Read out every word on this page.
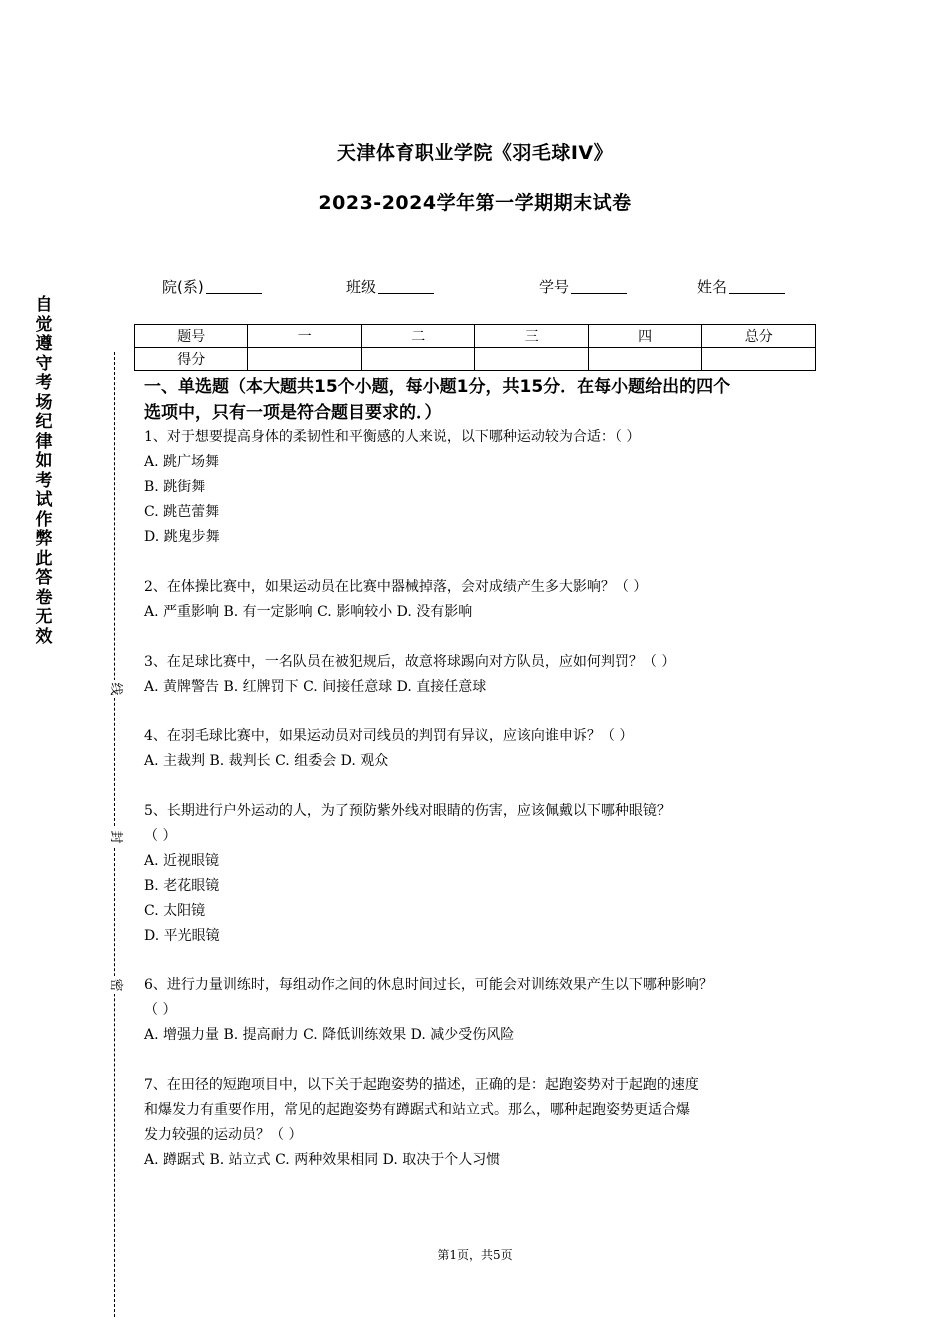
天津体育职业学院《羽毛球IV》
2023-2024学年第一学期期末试卷
院(系)	班级	学号	姓名
题号	一	二	三	四	总分
得分					
自觉遵守考场纪律如考试作弊此答卷无效
线
封
密
一、单选题（本大题共15个小题，每小题1分，共15分．在每小题给出的四个
选项中，只有一项是符合题目要求的．）
1、对于想要提高身体的柔韧性和平衡感的人来说，以下哪种运动较为合适：（ ）
A. 跳广场舞
B. 跳街舞
C. 跳芭蕾舞
D. 跳鬼步舞
2、在体操比赛中，如果运动员在比赛中器械掉落，会对成绩产生多大影响？（ ）
A. 严重影响 B. 有一定影响 C. 影响较小 D. 没有影响
3、在足球比赛中，一名队员在被犯规后，故意将球踢向对方队员，应如何判罚？（ ）
A. 黄牌警告 B. 红牌罚下 C. 间接任意球 D. 直接任意球
4、在羽毛球比赛中，如果运动员对司线员的判罚有异议，应该向谁申诉？（ ）
A. 主裁判 B. 裁判长 C. 组委会 D. 观众
5、长期进行户外运动的人，为了预防紫外线对眼睛的伤害，应该佩戴以下哪种眼镜？
（ ）
A. 近视眼镜
B. 老花眼镜
C. 太阳镜
D. 平光眼镜
6、进行力量训练时，每组动作之间的休息时间过长，可能会对训练效果产生以下哪种影响？
（ ）
A. 增强力量 B. 提高耐力 C. 降低训练效果 D. 减少受伤风险
7、在田径的短跑项目中，以下关于起跑姿势的描述，正确的是：起跑姿势对于起跑的速度
和爆发力有重要作用，常见的起跑姿势有蹲踞式和站立式。那么，哪种起跑姿势更适合爆
发力较强的运动员？（ ）
A. 蹲踞式 B. 站立式 C. 两种效果相同 D. 取决于个人习惯
第1页，共5页
